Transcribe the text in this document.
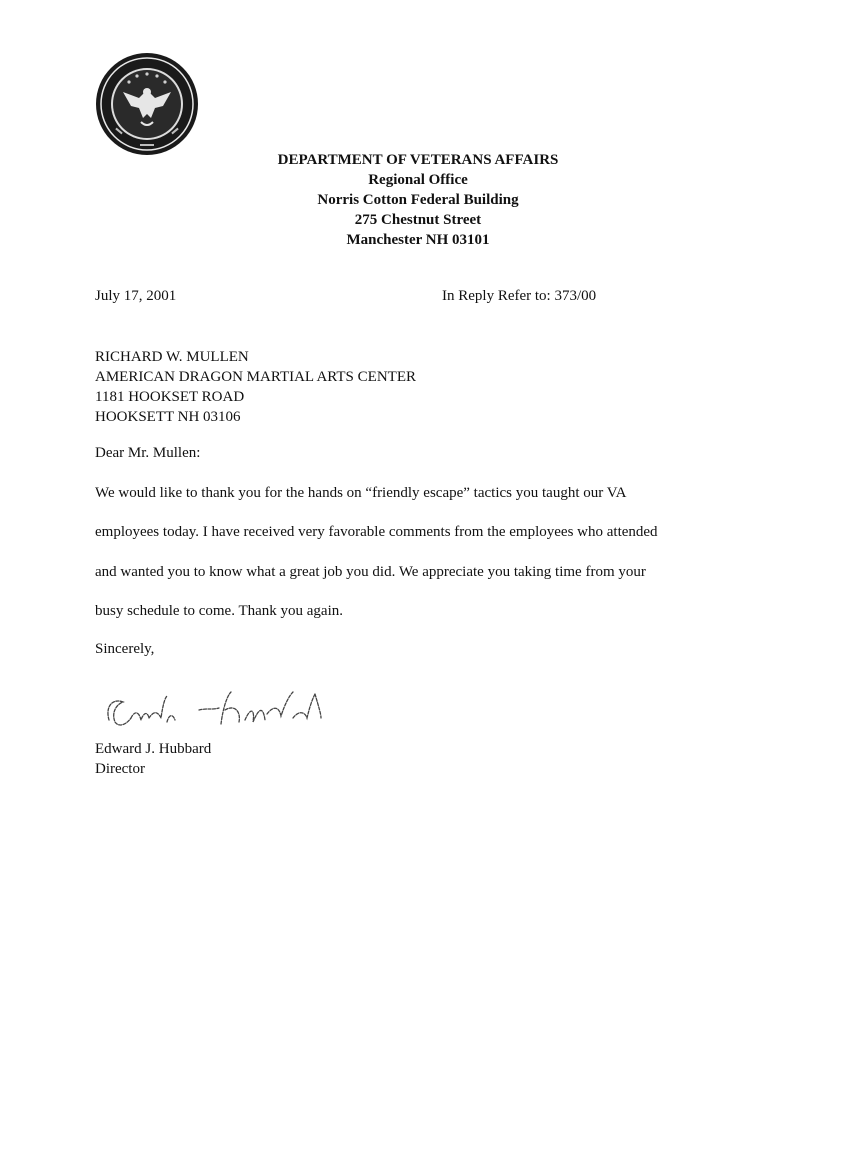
DEPARTMENT OF VETERANS AFFAIRS
Regional Office
Norris Cotton Federal Building
275 Chestnut Street
Manchester NH 03101
July 17, 2001	In Reply Refer to: 373/00
RICHARD W. MULLEN
AMERICAN DRAGON MARTIAL ARTS CENTER
1181 HOOKSET ROAD
HOOKSETT NH 03106
Dear Mr. Mullen:
We would like to thank you for the hands on “friendly escape” tactics you taught our VA
employees today. I have received very favorable comments from the employees who attended
and wanted you to know what a great job you did. We appreciate you taking time from your
busy schedule to come. Thank you again.
Sincerely,
Edward J. Hubbard
Director
